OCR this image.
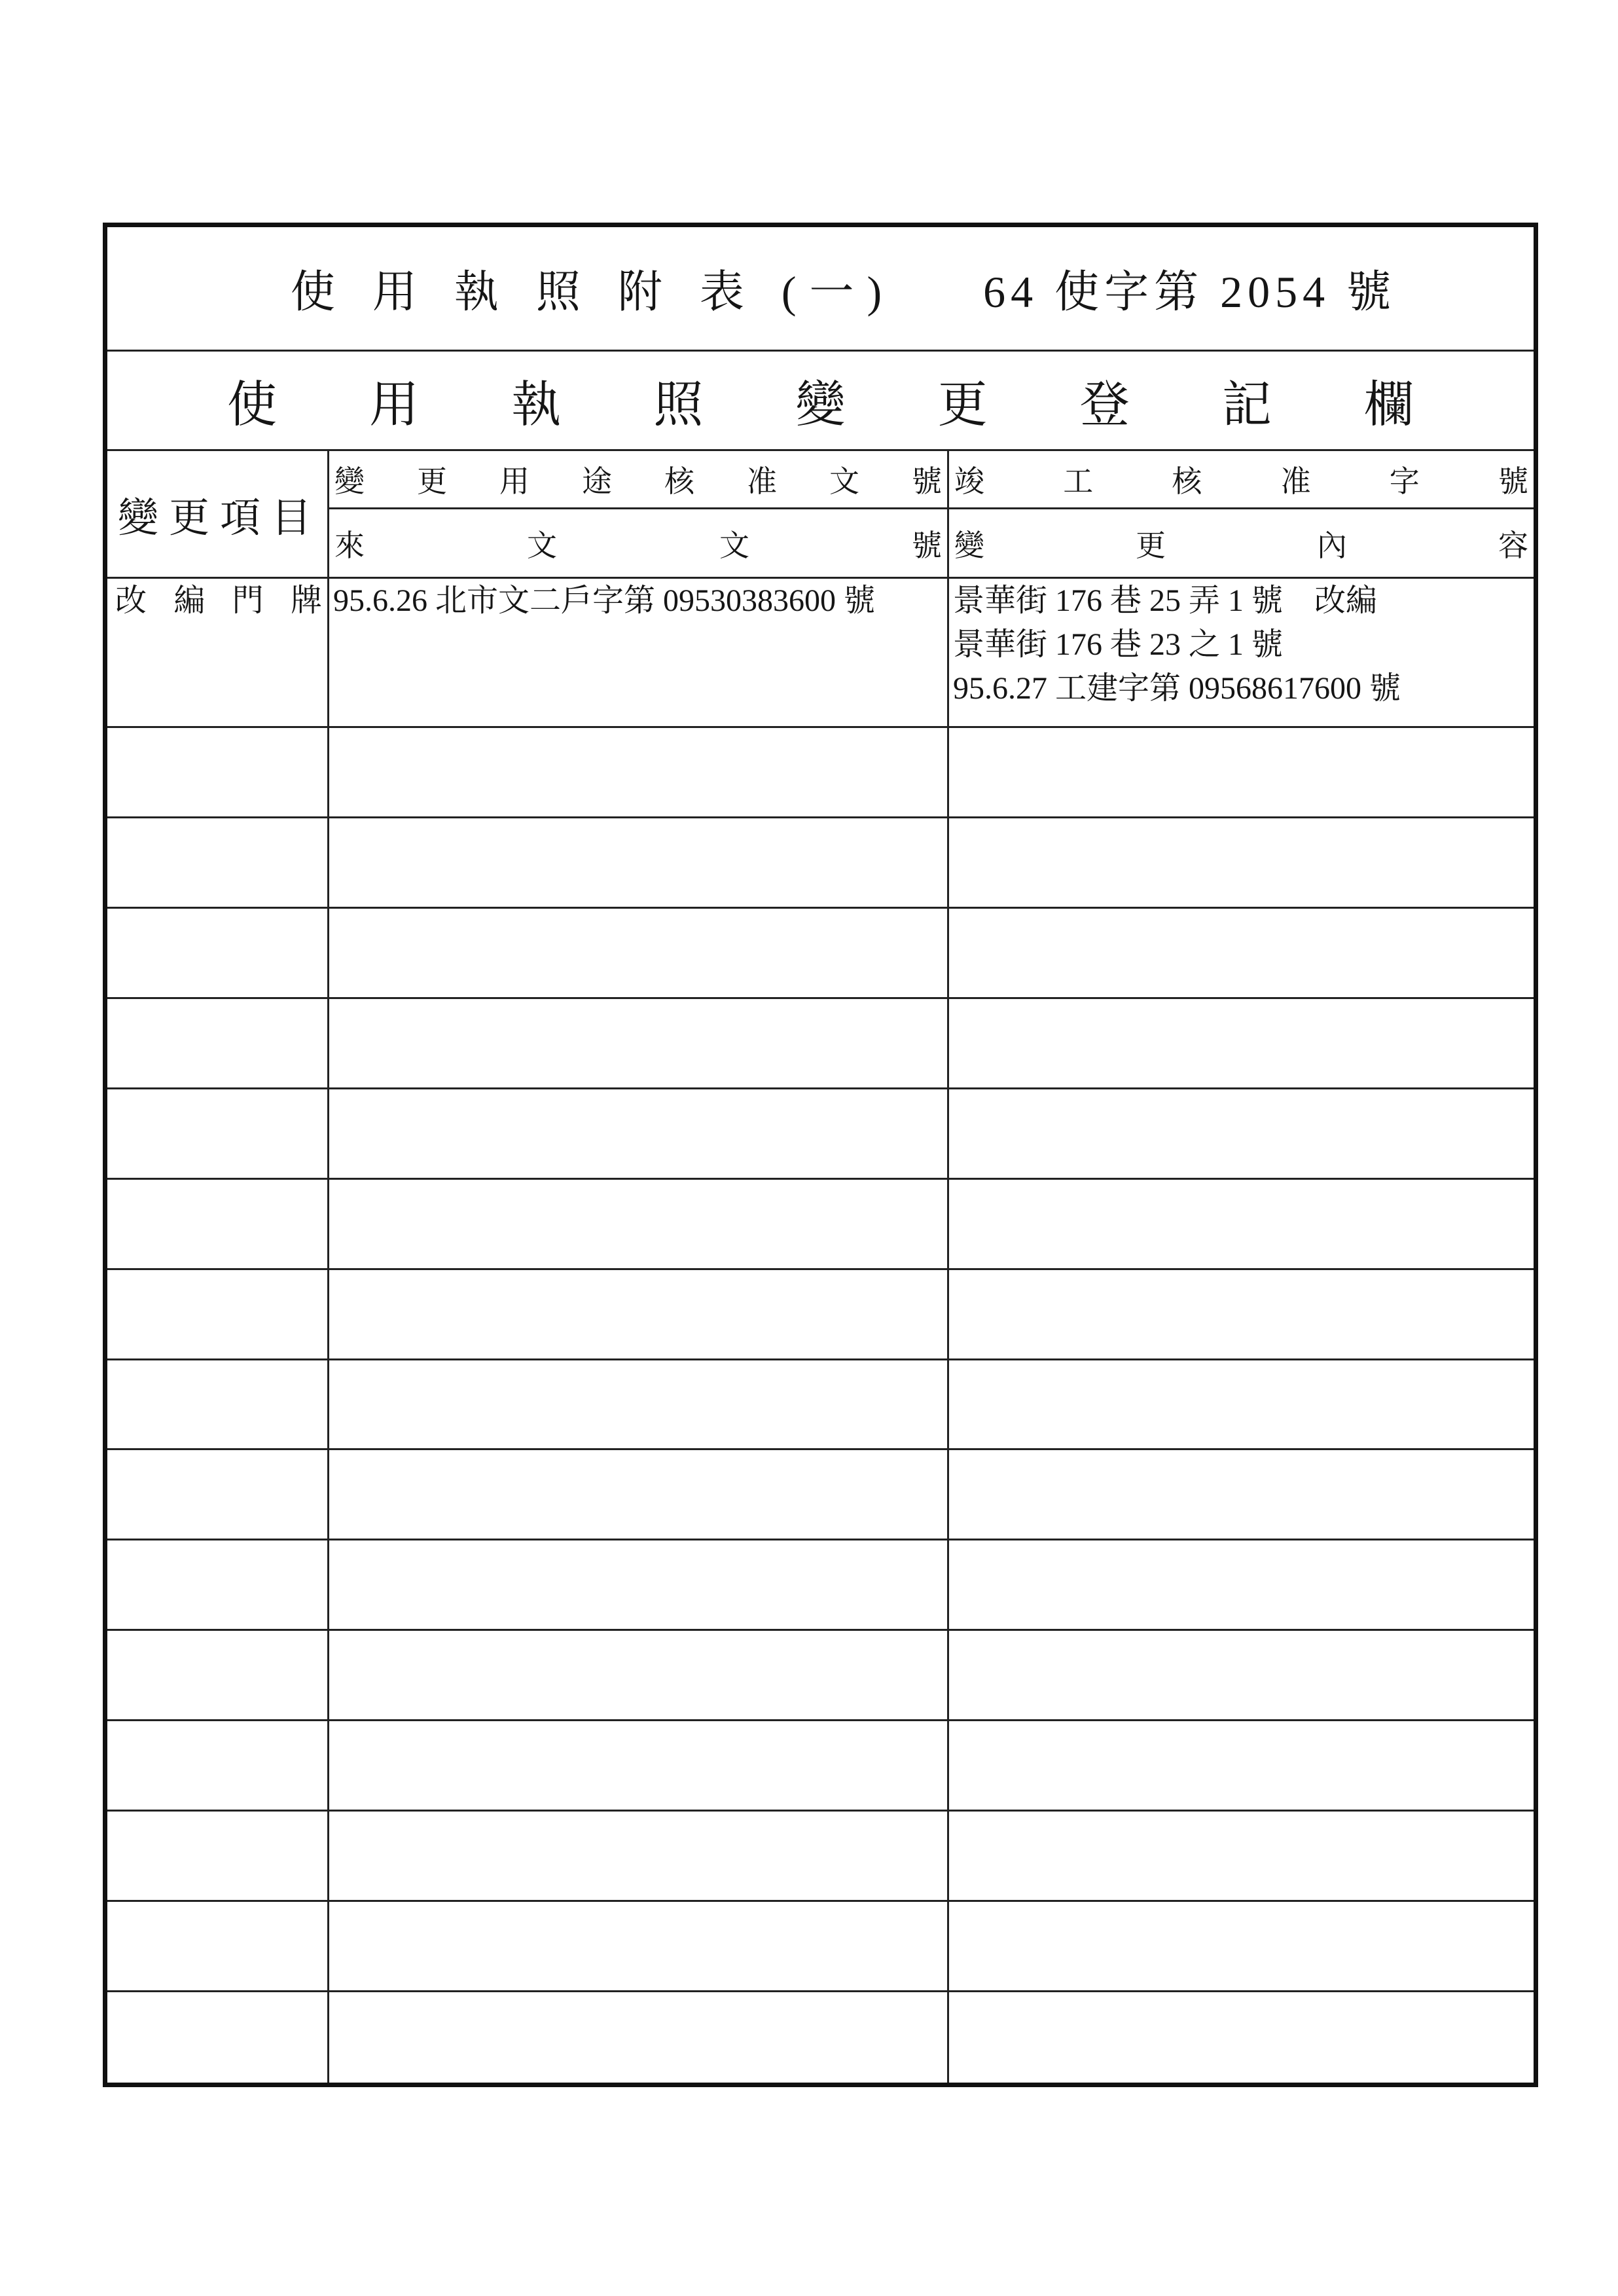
使 用 執 照 附 表 (一) 64 使字第 2054 號
使 用 執 照 變 更 登 記 欄
變更項目
變 更 用 途 核 准 文 號 竣 工 核 准 字 號
來 文 文 號 變 更 內 容
改 編 門 牌 95.6.26 北市文二戶字第 09530383600 號	景華街 176 巷 25 弄 1 號　改編
景華街 176 巷 23 之 1 號
95.6.27 工建字第 09568617600 號
